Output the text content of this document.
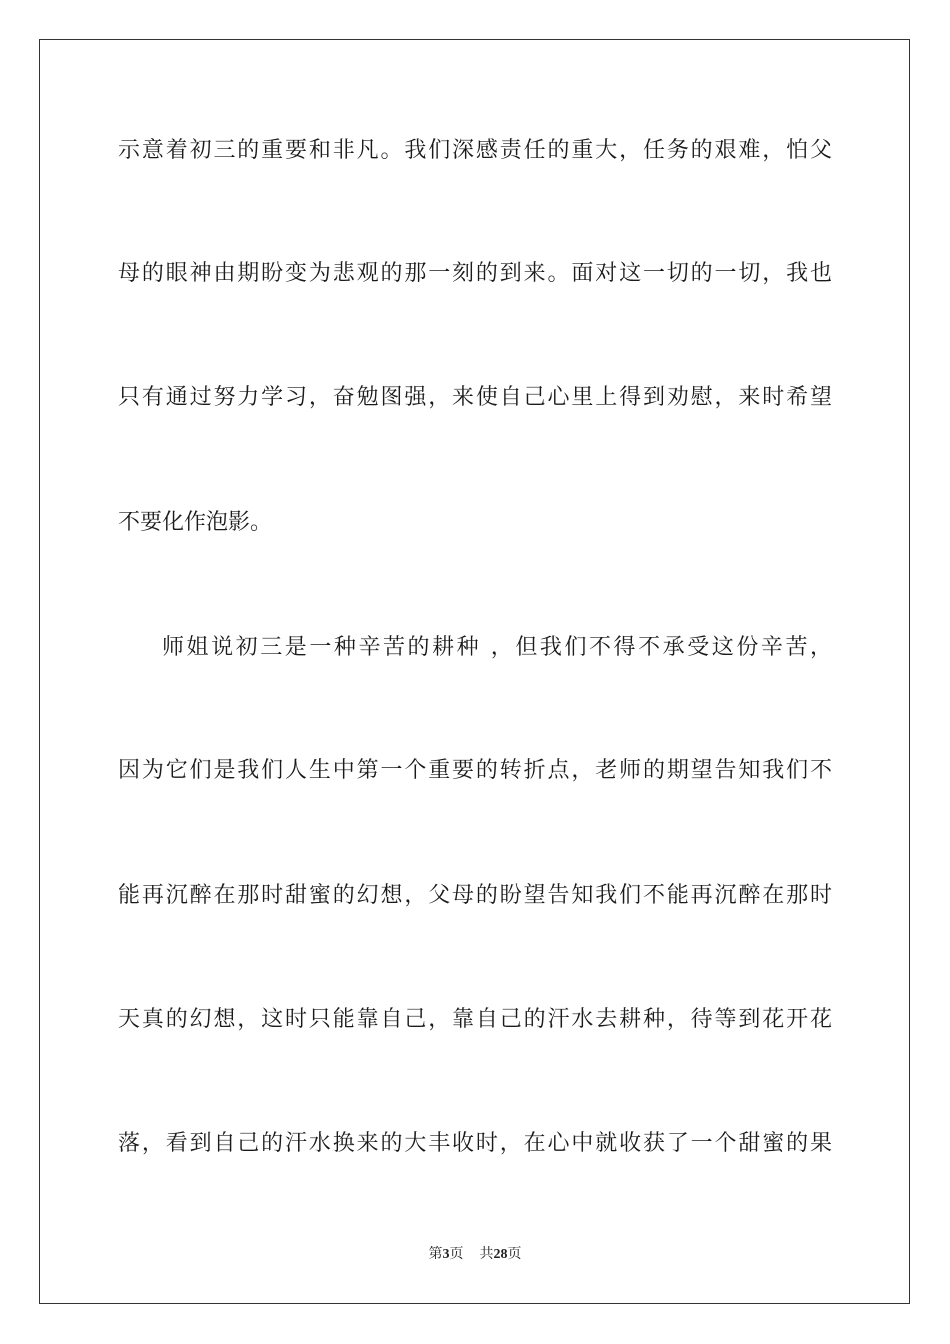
示意着初三的重要和非凡。我们深感责任的重大，任务的艰难，怕父
母的眼神由期盼变为悲观的那一刻的到来。面对这一切的一切，我也
只有通过努力学习，奋勉图强，来使自己心里上得到劝慰，来时希望
不要化作泡影。
师姐说初三是一种辛苦的耕种 ，但我们不得不承受这份辛苦，
因为它们是我们人生中第一个重要的转折点，老师的期望告知我们不
能再沉醉在那时甜蜜的幻想，父母的盼望告知我们不能再沉醉在那时
天真的幻想，这时只能靠自己，靠自己的汗水去耕种，待等到花开花
落，看到自己的汗水换来的大丰收时，在心中就收获了一个甜蜜的果
第3页 共28页
